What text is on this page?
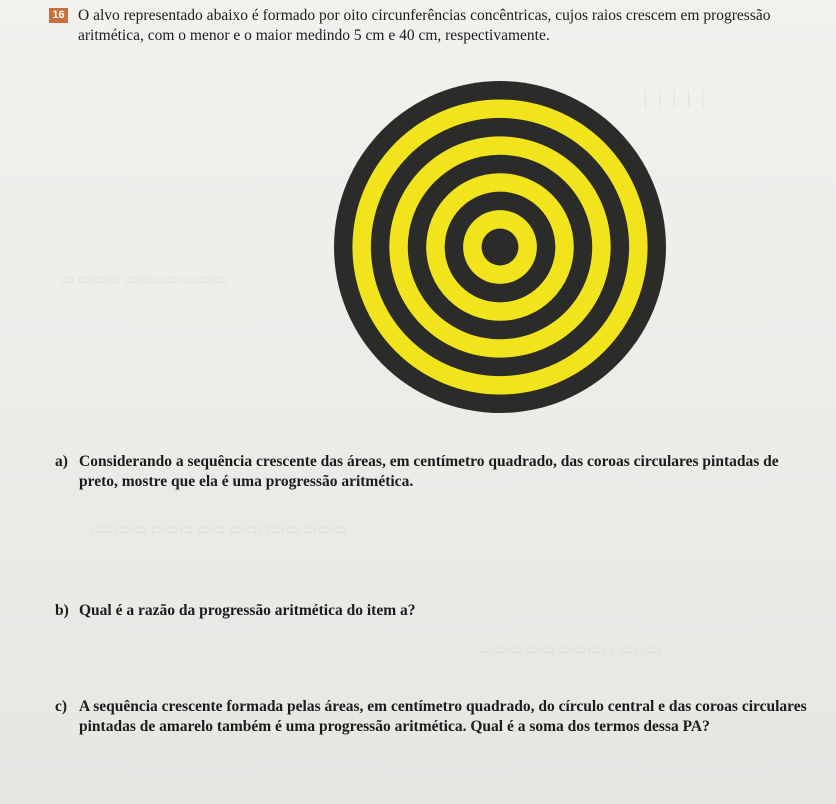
│ │ │ │ │
▭ ▭▭▭ ▭▭▭▭ ▭▭▭
▭▭▭▭ ▭▭▭ ▭▭ ▭▭▭▭▭ ▭▭▭
▭▭▭ ▭▭ ▭▭▭▭ ▭▭▭
16 O alvo representado abaixo é formado por oito circunferências concêntricas, cujos raios crescem em progressão aritmética, com o menor e o maior medindo 5 cm e 40 cm, respectivamente.
a) Considerando a sequência crescente das áreas, em centímetro quadrado, das coroas circulares pintadas de preto, mostre que ela é uma progressão aritmética.
b) Qual é a razão da progressão aritmética do item a?
c) A sequência crescente formada pelas áreas, em centímetro quadrado, do círculo central e das coroas circulares pintadas de amarelo também é uma progressão aritmética. Qual é a soma dos termos dessa PA?
